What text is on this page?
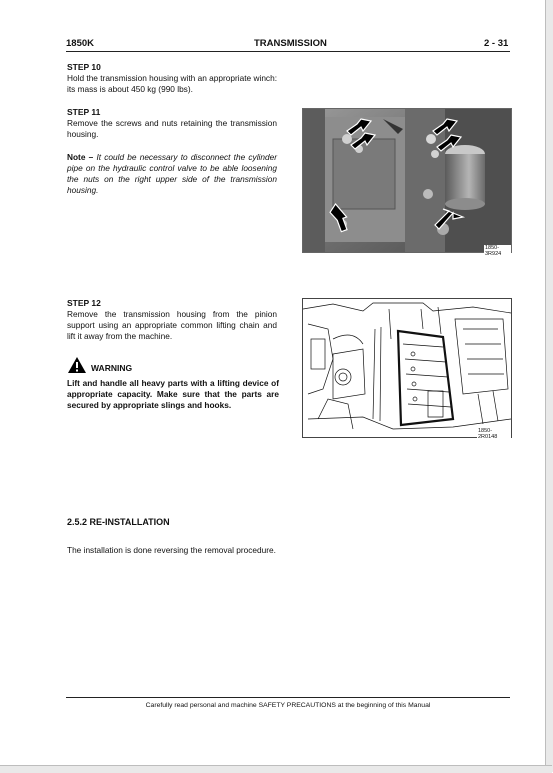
1850K	TRANSMISSION	2 - 31
STEP 10
Hold the transmission housing with an appropriate winch: its mass is about 450 kg (990 lbs).
STEP 11
Remove the screws and nuts retaining the transmission housing.
Note – It could be necessary to disconnect the cylinder pipe on the hydraulic control valve to be able loosening the nuts on the right upper side of the transmission housing.
1850-3R924
STEP 12
Remove the transmission housing from the pinion support using an appropriate common lifting chain and lift it away from the machine.
WARNING
Lift and handle all heavy parts with a lifting device of appropriate capacity. Make sure that the parts are secured by appropriate slings and hooks.
1850-2R0148
2.5.2 RE-INSTALLATION
The installation is done reversing the removal procedure.
Carefully read personal and machine SAFETY PRECAUTIONS at the beginning of this Manual
